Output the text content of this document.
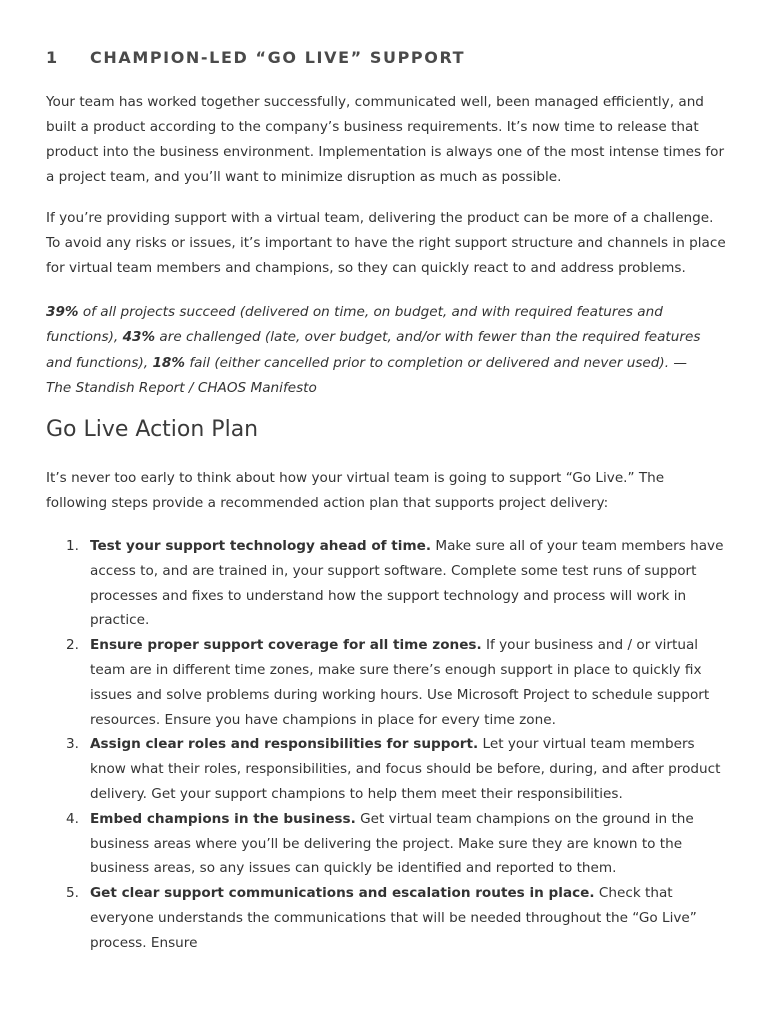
1 CHAMPION-LED “GO LIVE” SUPPORT

Your team has worked together successfully, communicated well, been managed efficiently, and built a product according to the company’s business requirements. It’s now time to release that product into the business environment. Implementation is always one of the most intense times for a project team, and you’ll want to minimize disruption as much as possible.

If you’re providing support with a virtual team, delivering the product can be more of a challenge. To avoid any risks or issues, it’s important to have the right support structure and channels in place for virtual team members and champions, so they can quickly react to and address problems.

39% of all projects succeed (delivered on time, on budget, and with required features and functions), 43% are challenged (late, over budget, and/or with fewer than the required features and functions), 18% fail (either cancelled prior to completion or delivered and never used). — The Standish Report / CHAOS Manifesto

Go Live Action Plan

It’s never too early to think about how your virtual team is going to support “Go Live.” The following steps provide a recommended action plan that supports project delivery:

1. Test your support technology ahead of time. Make sure all of your team members have access to, and are trained in, your support software. Complete some test runs of support processes and fixes to understand how the support technology and process will work in practice.
2. Ensure proper support coverage for all time zones. If your business and / or virtual team are in different time zones, make sure there’s enough support in place to quickly fix issues and solve problems during working hours. Use Microsoft Project to schedule support resources. Ensure you have champions in place for every time zone.
3. Assign clear roles and responsibilities for support. Let your virtual team members know what their roles, responsibilities, and focus should be before, during, and after product delivery. Get your support champions to help them meet their responsibilities.
4. Embed champions in the business. Get virtual team champions on the ground in the business areas where you’ll be delivering the project. Make sure they are known to the business areas, so any issues can quickly be identified and reported to them.
5. Get clear support communications and escalation routes in place. Check that everyone understands the communications that will be needed throughout the “Go Live” process. Ensure
